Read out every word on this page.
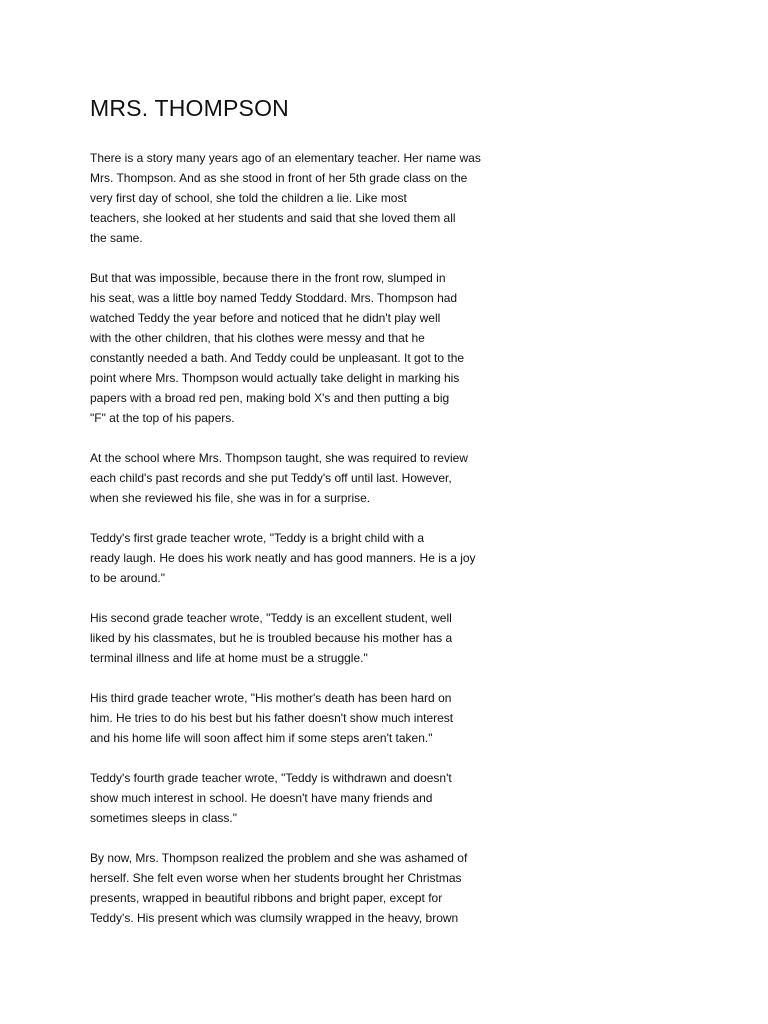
MRS. THOMPSON
There is a story many years ago of an elementary teacher. Her name was
Mrs. Thompson. And as she stood in front of her 5th grade class on the
very first day of school, she told the children a lie. Like most
teachers, she looked at her students and said that she loved them all
the same.
But that was impossible, because there in the front row, slumped in
his seat, was a little boy named Teddy Stoddard. Mrs. Thompson had
watched Teddy the year before and noticed that he didn't play well
with the other children, that his clothes were messy and that he
constantly needed a bath. And Teddy could be unpleasant. It got to the
point where Mrs. Thompson would actually take delight in marking his
papers with a broad red pen, making bold X's and then putting a big
"F" at the top of his papers.
At the school where Mrs. Thompson taught, she was required to review
each child's past records and she put Teddy's off until last. However,
when she reviewed his file, she was in for a surprise.
Teddy's first grade teacher wrote, "Teddy is a bright child with a
ready laugh. He does his work neatly and has good manners. He is a joy
to be around."
His second grade teacher wrote, "Teddy is an excellent student, well
liked by his classmates, but he is troubled because his mother has a
terminal illness and life at home must be a struggle."
His third grade teacher wrote, "His mother's death has been hard on
him. He tries to do his best but his father doesn't show much interest
and his home life will soon affect him if some steps aren't taken."
Teddy's fourth grade teacher wrote, "Teddy is withdrawn and doesn't
show much interest in school. He doesn't have many friends and
sometimes sleeps in class."
By now, Mrs. Thompson realized the problem and she was ashamed of
herself. She felt even worse when her students brought her Christmas
presents, wrapped in beautiful ribbons and bright paper, except for
Teddy's. His present which was clumsily wrapped in the heavy, brown
